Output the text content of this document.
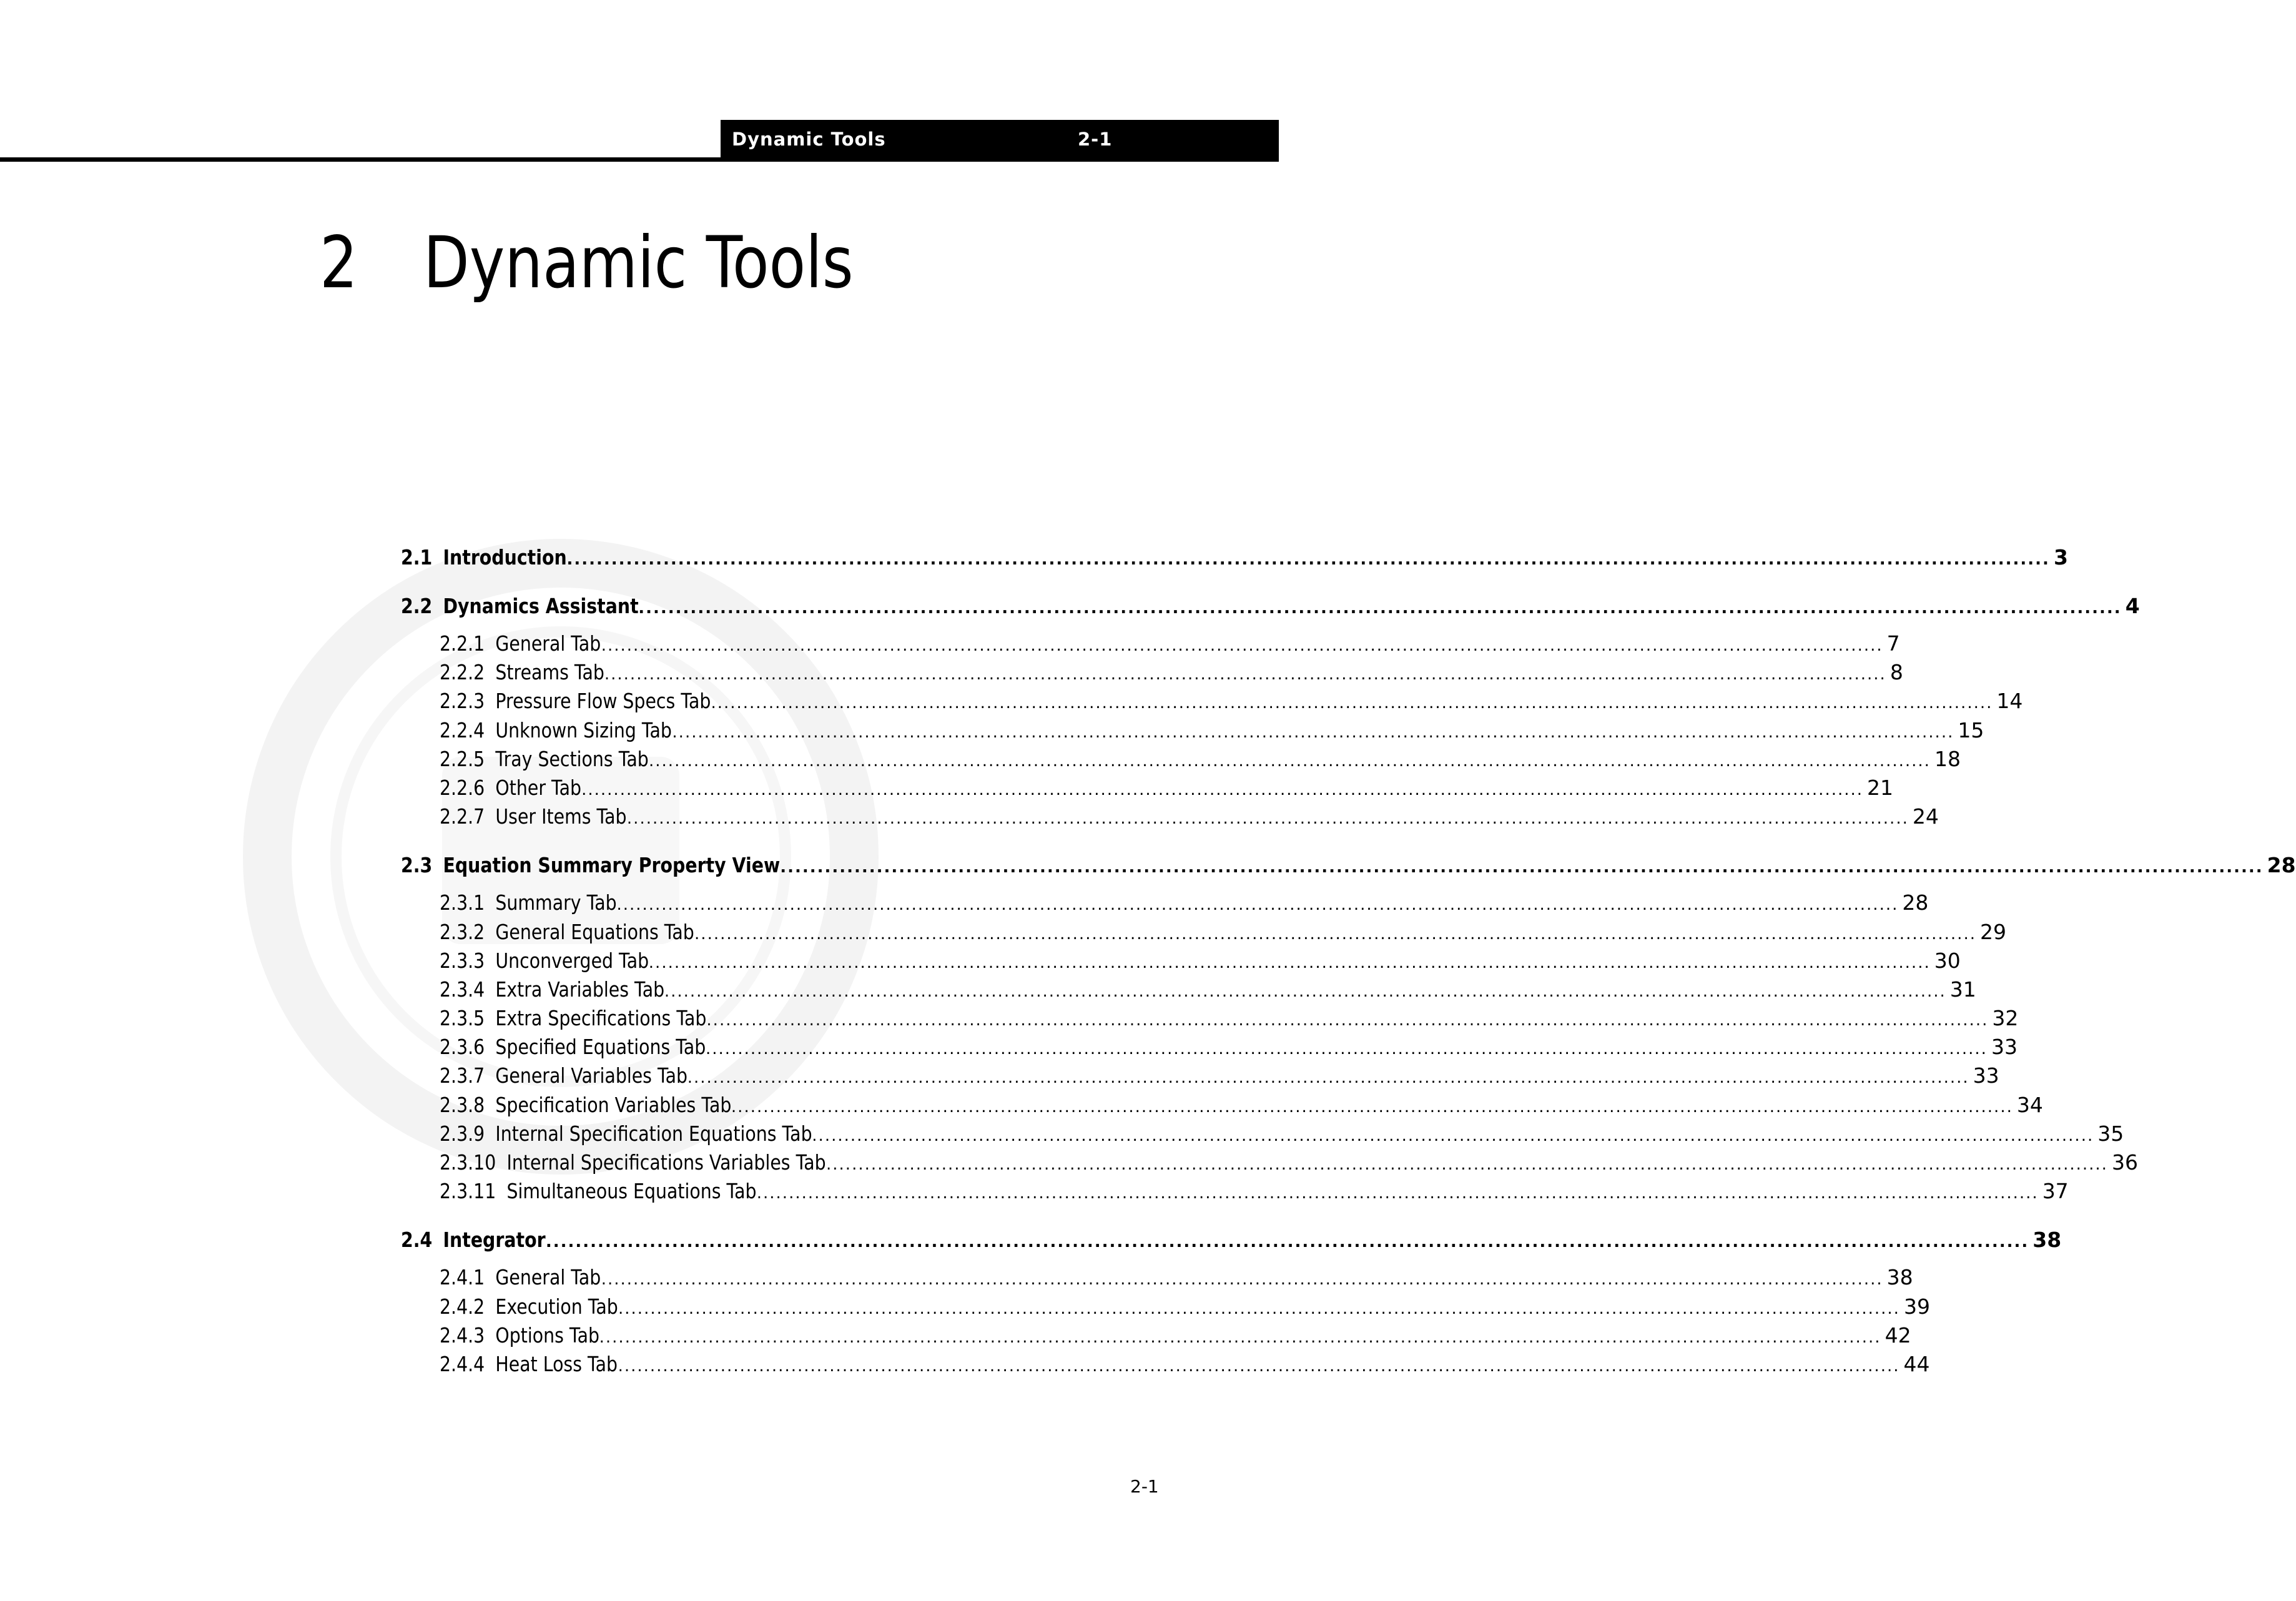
Dynamic Tools	2-1
2 Dynamic Tools
2.1 Introduction ........................................................................................................................................................................................................ 3
2.2 Dynamics Assistant ........................................................................................................................................................................................................ 4
2.2.1 General Tab ........................................................................................................................................................................................................ 7
2.2.2 Streams Tab ........................................................................................................................................................................................................ 8
2.2.3 Pressure Flow Specs Tab ........................................................................................................................................................................................................ 14
2.2.4 Unknown Sizing Tab ........................................................................................................................................................................................................ 15
2.2.5 Tray Sections Tab ........................................................................................................................................................................................................ 18
2.2.6 Other Tab ........................................................................................................................................................................................................ 21
2.2.7 User Items Tab ........................................................................................................................................................................................................ 24
2.3 Equation Summary Property View ........................................................................................................................................................................................................ 28
2.3.1 Summary Tab ........................................................................................................................................................................................................ 28
2.3.2 General Equations Tab ........................................................................................................................................................................................................ 29
2.3.3 Unconverged Tab ........................................................................................................................................................................................................ 30
2.3.4 Extra Variables Tab ........................................................................................................................................................................................................ 31
2.3.5 Extra Specifications Tab ........................................................................................................................................................................................................ 32
2.3.6 Specified Equations Tab ........................................................................................................................................................................................................ 33
2.3.7 General Variables Tab ........................................................................................................................................................................................................ 33
2.3.8 Specification Variables Tab ........................................................................................................................................................................................................ 34
2.3.9 Internal Specification Equations Tab ........................................................................................................................................................................................................ 35
2.3.10 Internal Specifications Variables Tab ........................................................................................................................................................................................................ 36
2.3.11 Simultaneous Equations Tab ........................................................................................................................................................................................................ 37
2.4 Integrator ........................................................................................................................................................................................................ 38
2.4.1 General Tab ........................................................................................................................................................................................................ 38
2.4.2 Execution Tab ........................................................................................................................................................................................................ 39
2.4.3 Options Tab ........................................................................................................................................................................................................ 42
2.4.4 Heat Loss Tab ........................................................................................................................................................................................................ 44
2-1
